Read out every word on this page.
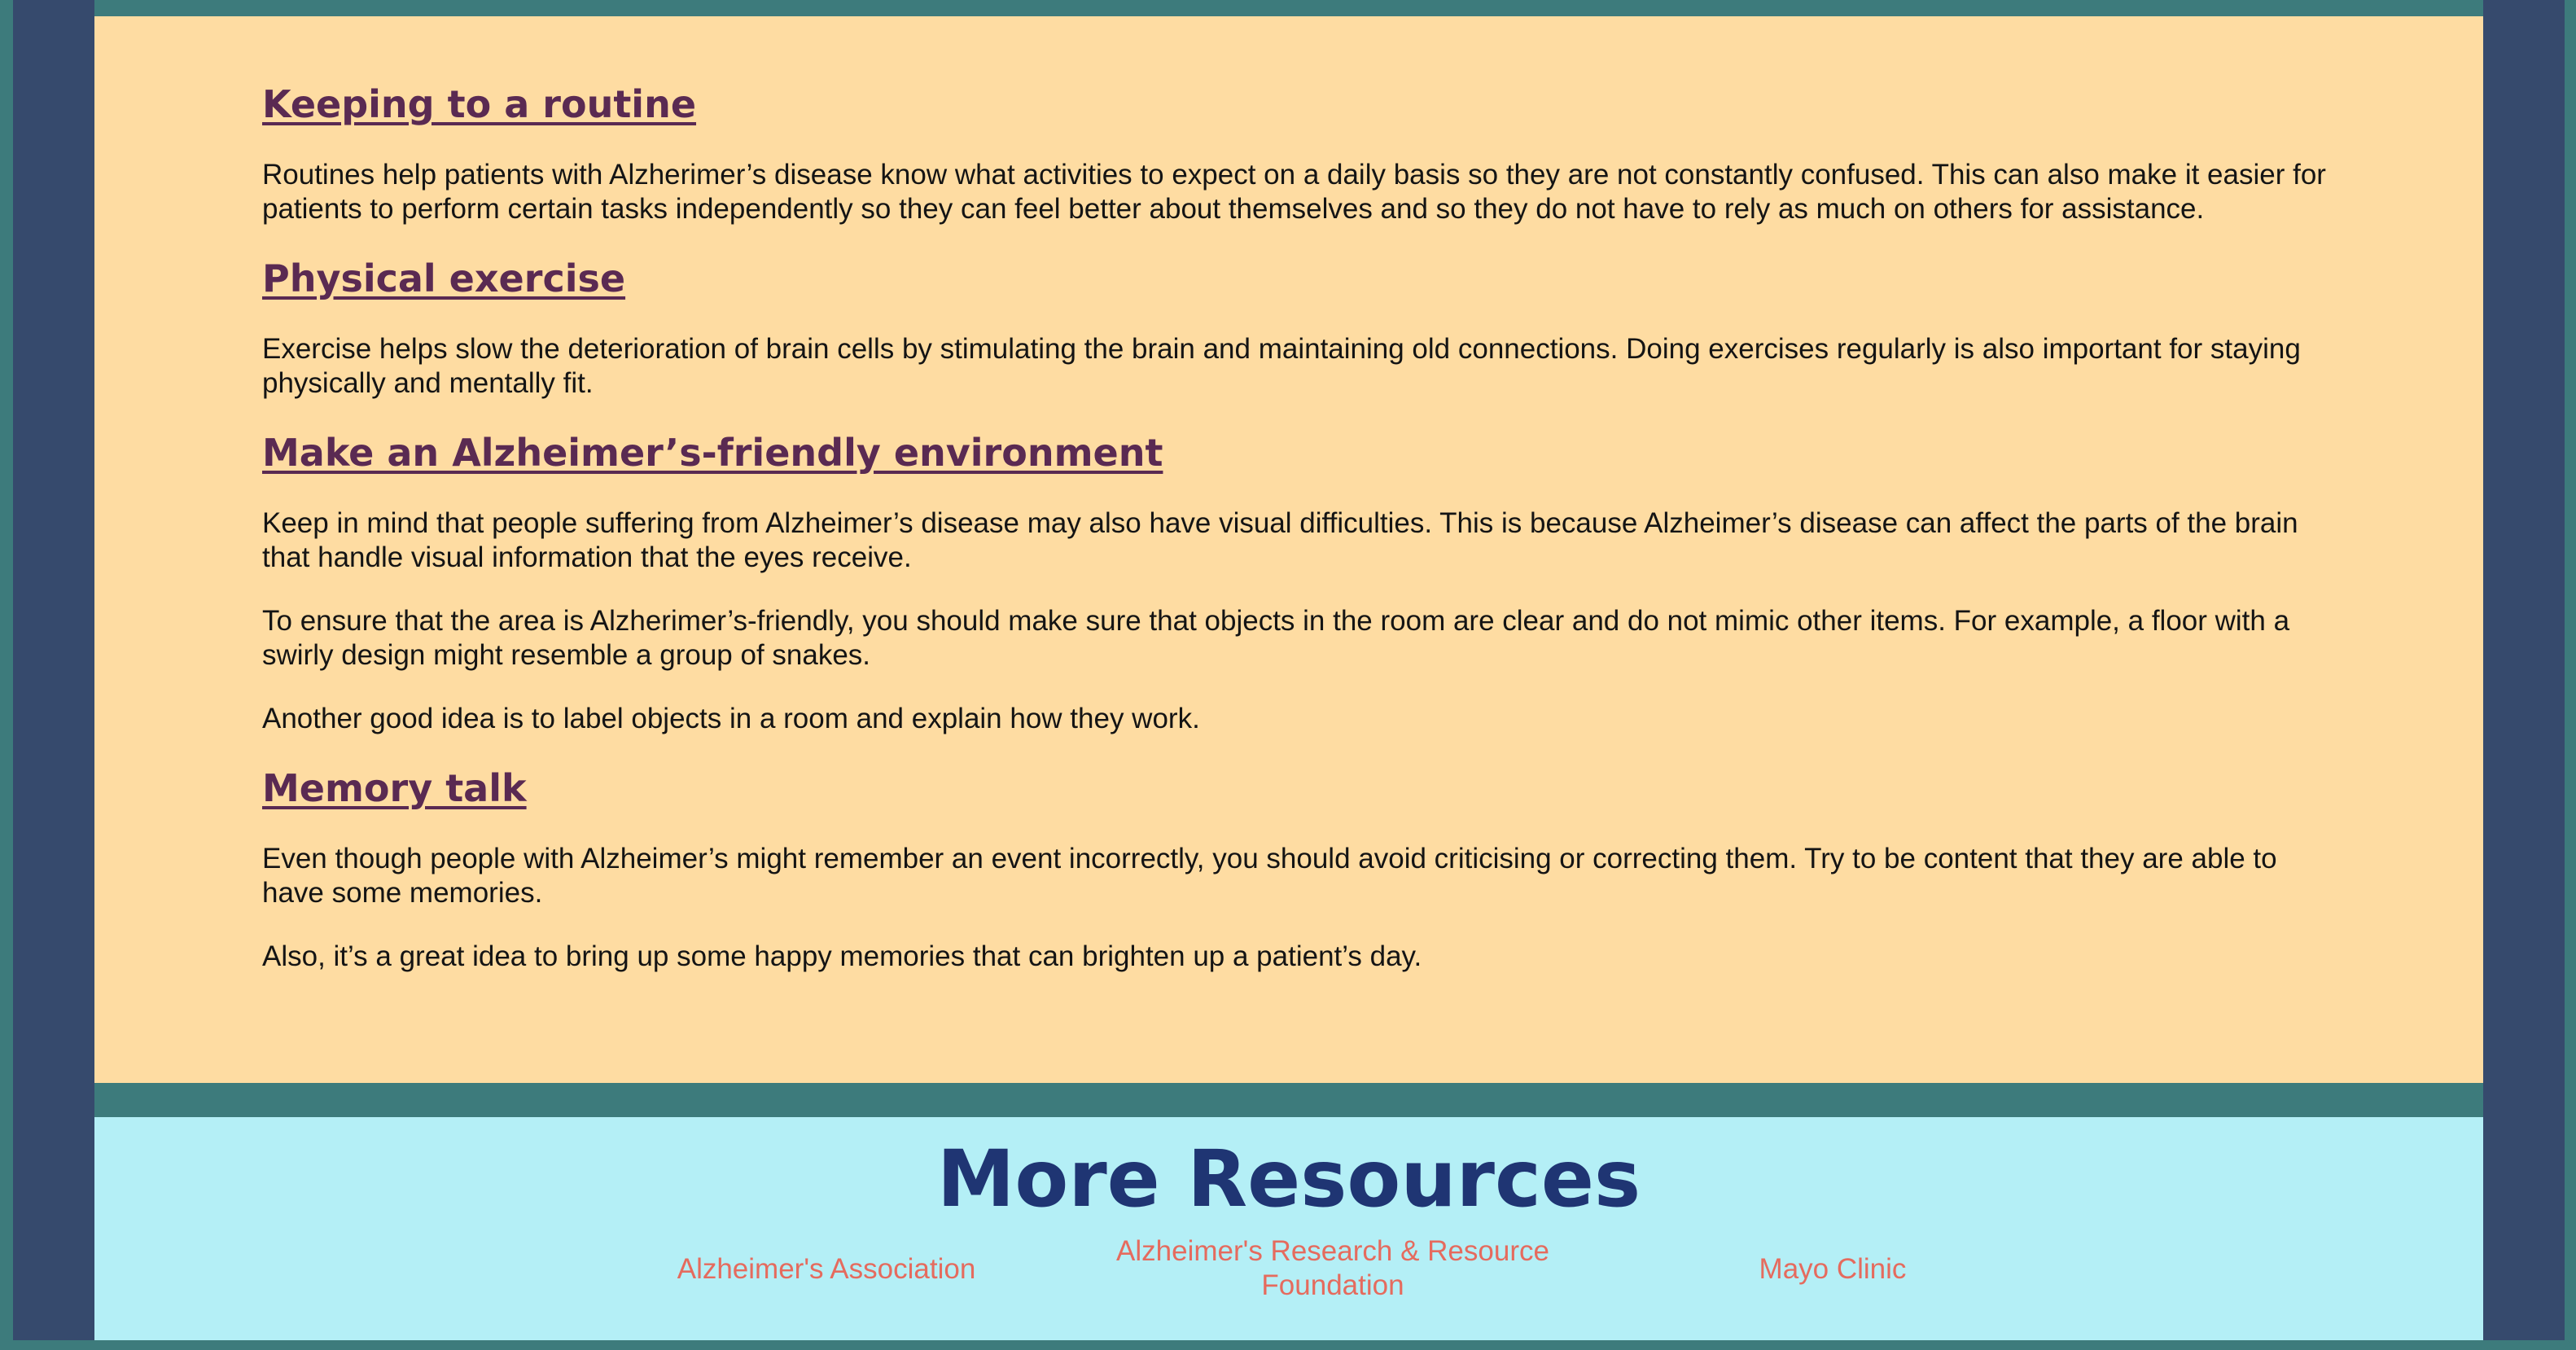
Keeping to a routine

Routines help patients with Alzherimer’s disease know what activities to expect on a daily basis so they are not constantly confused. This can also make it easier for patients to perform certain tasks independently so they can feel better about themselves and so they do not have to rely as much on others for assistance.

Physical exercise

Exercise helps slow the deterioration of brain cells by stimulating the brain and maintaining old connections. Doing exercises regularly is also important for staying physically and mentally fit.

Make an Alzheimer’s-friendly environment

Keep in mind that people suffering from Alzheimer’s disease may also have visual difficulties. This is because Alzheimer’s disease can affect the parts of the brain that handle visual information that the eyes receive.

To ensure that the area is Alzherimer’s-friendly, you should make sure that objects in the room are clear and do not mimic other items. For example, a floor with a swirly design might resemble a group of snakes.

Another good idea is to label objects in a room and explain how they work.

Memory talk

Even though people with Alzheimer’s might remember an event incorrectly, you should avoid criticising or correcting them. Try to be content that they are able to have some memories.

Also, it’s a great idea to bring up some happy memories that can brighten up a patient’s day.

More Resources
Alzheimer's Association
Alzheimer's Research & Resource Foundation
Mayo Clinic
